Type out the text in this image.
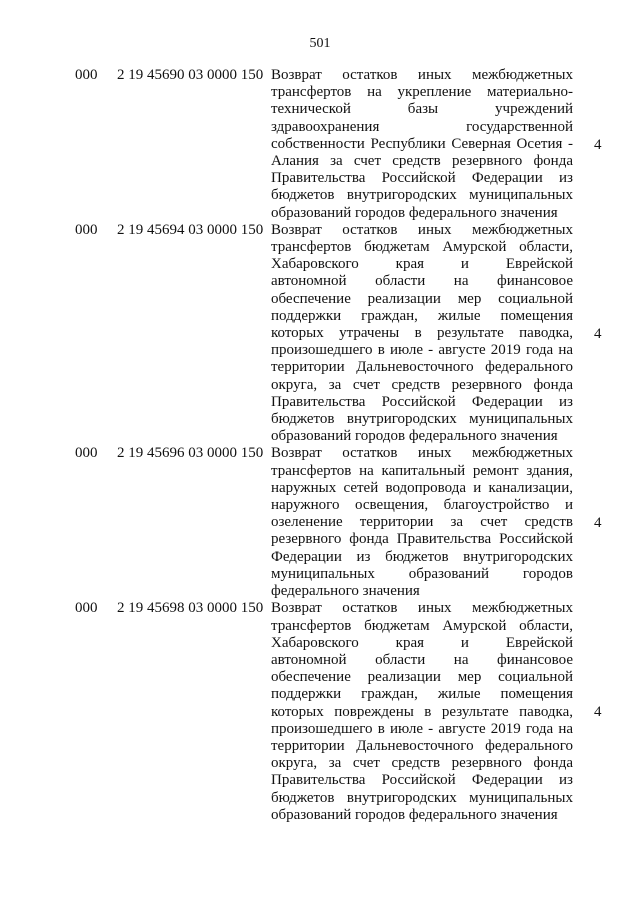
501
000 2 19 45690 03 0000 150 Возврат остатков иных межбюджетных
трансфертов на укрепление материально-
технической базы учреждений
здравоохранения государственной
собственности Республики Северная Осетия -
Алания за счет средств резервного фонда
Правительства Российской Федерации из
бюджетов внутригородских муниципальных
образований городов федерального значения
4
000 2 19 45694 03 0000 150 Возврат остатков иных межбюджетных
трансфертов бюджетам Амурской области,
Хабаровского края и Еврейской
автономной области на финансовое
обеспечение реализации мер социальной
поддержки граждан, жилые помещения
которых утрачены в результате паводка,
произошедшего в июле - августе 2019 года на
территории Дальневосточного федерального
округа, за счет средств резервного фонда
Правительства Российской Федерации из
бюджетов внутригородских муниципальных
образований городов федерального значения
4
000 2 19 45696 03 0000 150 Возврат остатков иных межбюджетных
трансфертов на капитальный ремонт здания,
наружных сетей водопровода и канализации,
наружного освещения, благоустройство и
озеленение территории за счет средств
резервного фонда Правительства Российской
Федерации из бюджетов внутригородских
муниципальных образований городов
федерального значения
4
000 2 19 45698 03 0000 150 Возврат остатков иных межбюджетных
трансфертов бюджетам Амурской области,
Хабаровского края и Еврейской
автономной области на финансовое
обеспечение реализации мер социальной
поддержки граждан, жилые помещения
которых повреждены в результате паводка,
произошедшего в июле - августе 2019 года на
территории Дальневосточного федерального
округа, за счет средств резервного фонда
Правительства Российской Федерации из
бюджетов внутригородских муниципальных
образований городов федерального значения
4
